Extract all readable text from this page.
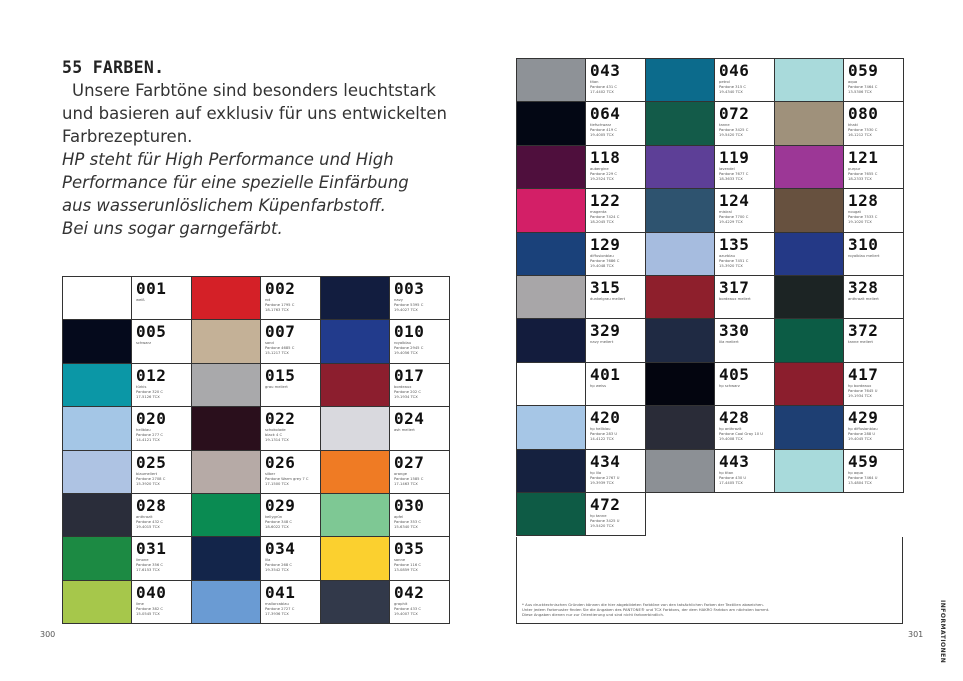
55 FARBEN.
Unsere Farbtöne sind besonders leuchtstark
und basieren auf exklusiv für uns entwickelten
Farbrezepturen.
HP steht für High Performance und High
Performance für eine spezielle Einfärbung
aus wasserunlöslichem Küpenfarbstoff.
Bei uns sogar garngefärbt.
001
weiß
002
rot
Pantone 1795 C
18-1763 TCX
003
navy
Pantone 5395 C
19-4027 TCX
005
schwarz
007
sand
Pantone 4685 C
15-1217 TCX
010
royalblau
Pantone 2945 C
19-4056 TCX
012
türkis
Pantone 320 C
17-5126 TCX
015
grau meliert
017
bordeaux
Pantone 202 C
19-1934 TCX
020
hellblau
Pantone 277 C
14-4121 TCX
022
schokolade
black 4 C
19-1314 TCX
024
ash meliert
025
blaumeliert
Pantone 2708 C
15-3920 TCX
026
silber
Pantone Warm grey 7 C
17-1500 TCX
027
orange
Pantone 1585 C
17-1463 TCX
028
anthrazit
Pantone 432 C
19-4015 TCX
029
kellygrün
Pantone 348 C
18-6022 TCX
030
apfel
Pantone 353 C
15-6340 TCX
031
limone
Pantone 356 C
17-6153 TCX
034
lila
Pantone 268 C
19-3542 TCX
035
sonne
Pantone 116 C
13-0859 TCX
040
lime
Pantone 382 C
15-0545 TCX
041
mallorcablau
Pantone 2727 C
17-3936 TCX
042
graphit
Pantone 433 C
19-4007 TCX
300
043
titan
Pantone 431 C
17-4402 TCX
046
petrol
Pantone 315 C
19-4340 TCX
059
aqua
Pantone 7464 C
13-5306 TCX
064
tiefschwarz
Pantone 419 C
19-4005 TCX
072
tanne
Pantone 3425 C
19-5420 TCX
080
khaki
Pantone 7530 C
16-1212 TCX
118
aubergine
Pantone 229 C
19-2524 TCX
119
lavendel
Pantone 7677 C
18-3633 TCX
121
purpur
Pantone 7655 C
18-2333 TCX
122
magenta
Pantone 7424 C
18-2045 TCX
124
mistral
Pantone 7700 C
19-4229 TCX
128
nougat
Pantone 7533 C
19-1020 TCX
129
diffusionblau
Pantone 7686 C
19-4048 TCX
135
azurblau
Pantone 7451 C
15-3920 TCX
310
royalblau meliert
315
dunkelgrau meliert
317
bordeaux meliert
328
anthrazit meliert
329
navy meliert
330
lila meliert
372
tanne meliert
401
hp weiss
405
hp schwarz
417
hp bordeaux
Pantone 7645 U
19-1934 TCX
420
hp hellblau
Pantone 283 U
14-4122 TCX
428
hp anthrazit
Pantone Cool Gray 10 U
19-4008 TCX
429
hp diffusionblau
Pantone 288 U
19-4045 TCX
434
hp lila
Pantone 2767 U
19-3939 TCX
443
hp titan
Pantone 430 U
17-4405 TCX
459
hp aqua
Pantone 7464 U
13-4804 TCX
472
hp tanne
Pantone 3425 U
19-5420 TCX
* Aus drucktechnischen Gründen können die hier abgebildeten Farbtöne von den tatsächlichen Farben der Textilien abweichen.
Unter jedem Farbmuster finden Sie die Angaben des PANTONE® und TCX Farbtons, der dem HAKRO Farbton am nächsten kommt.
Diese Angaben dienen nur zur Orientierung und sind nicht farbverbindlich.
301	INFORMATIONEN
